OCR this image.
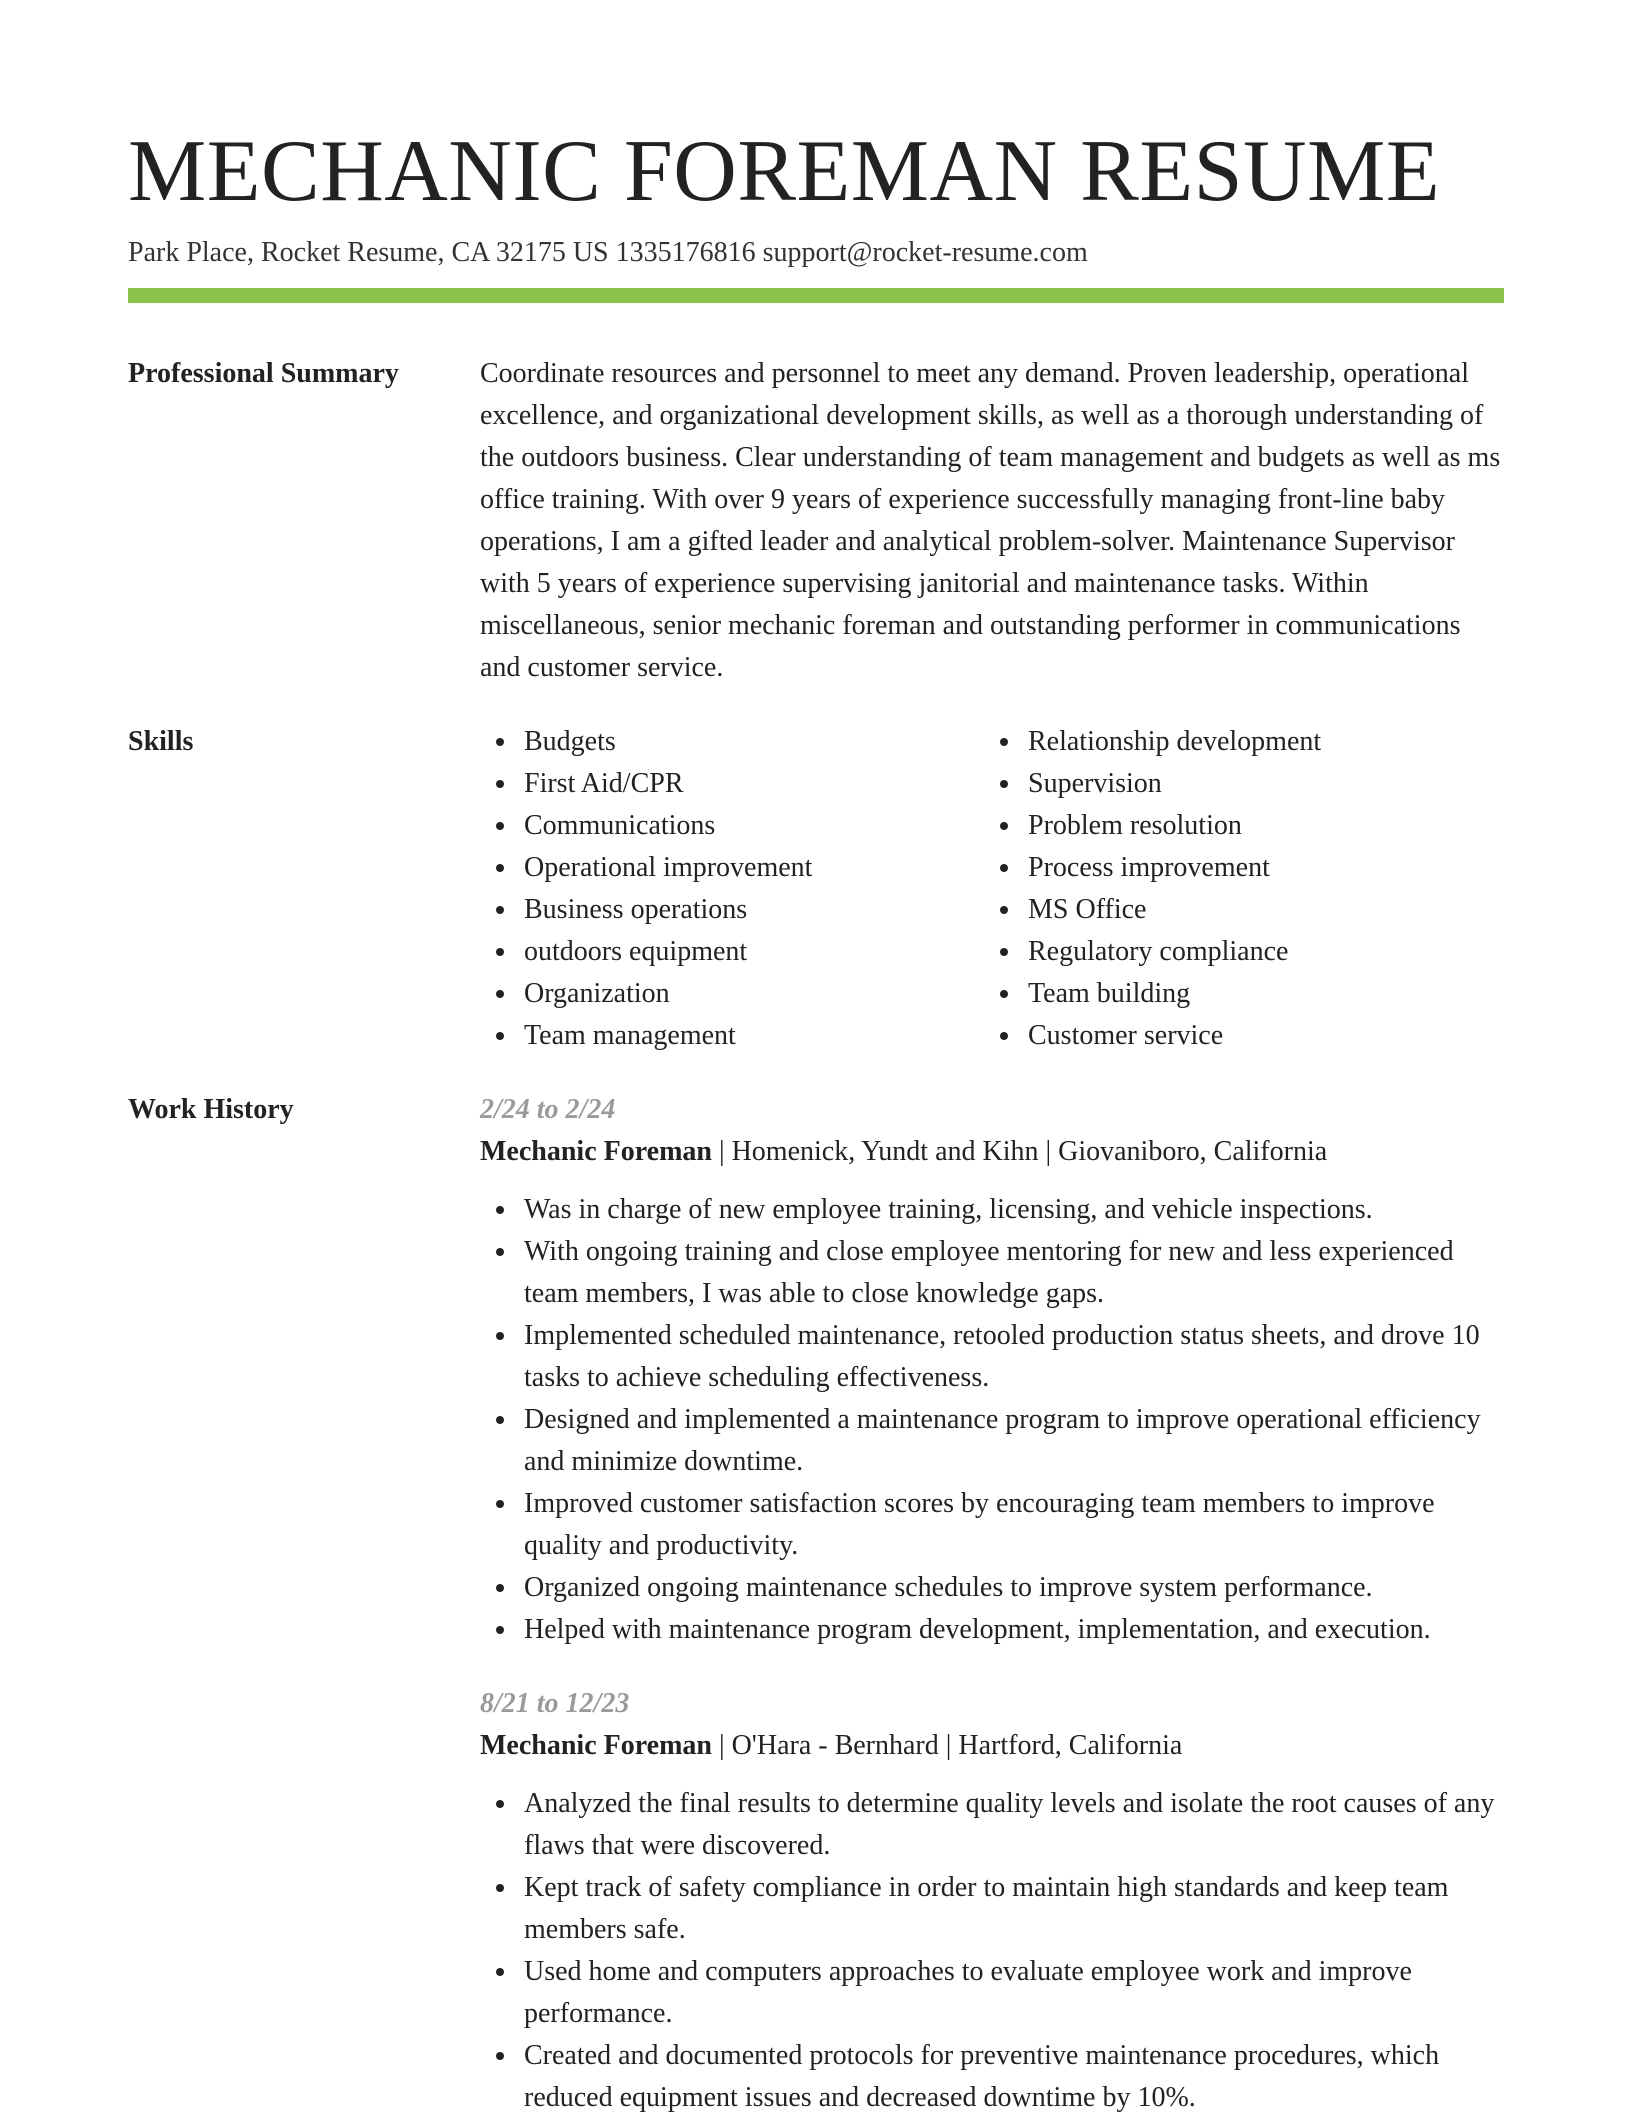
MECHANIC FOREMAN RESUME
Park Place, Rocket Resume, CA 32175 US 1335176816 support@rocket-resume.com
Professional Summary	Coordinate resources and personnel to meet any demand. Proven leadership, operational excellence, and organizational development skills, as well as a thorough understanding of the outdoors business. Clear understanding of team management and budgets as well as ms office training. With over 9 years of experience successfully managing front-line baby operations, I am a gifted leader and analytical problem-solver. Maintenance Supervisor with 5 years of experience supervising janitorial and maintenance tasks. Within miscellaneous, senior mechanic foreman and outstanding performer in communications and customer service.
Skills	Budgets
First Aid/CPR
Communications
Operational improvement
Business operations
outdoors equipment
Organization
Team management
Relationship development
Supervision
Problem resolution
Process improvement
MS Office
Regulatory compliance
Team building
Customer service
Work History	2/24 to 2/24
Mechanic Foreman | Homenick, Yundt and Kihn | Giovaniboro, California
Was in charge of new employee training, licensing, and vehicle inspections.
With ongoing training and close employee mentoring for new and less experienced team members, I was able to close knowledge gaps.
Implemented scheduled maintenance, retooled production status sheets, and drove 10 tasks to achieve scheduling effectiveness.
Designed and implemented a maintenance program to improve operational efficiency and minimize downtime.
Improved customer satisfaction scores by encouraging team members to improve quality and productivity.
Organized ongoing maintenance schedules to improve system performance.
Helped with maintenance program development, implementation, and execution.
8/21 to 12/23
Mechanic Foreman | O'Hara - Bernhard | Hartford, California
Analyzed the final results to determine quality levels and isolate the root causes of any flaws that were discovered.
Kept track of safety compliance in order to maintain high standards and keep team members safe.
Used home and computers approaches to evaluate employee work and improve performance.
Created and documented protocols for preventive maintenance procedures, which reduced equipment issues and decreased downtime by 10%.
